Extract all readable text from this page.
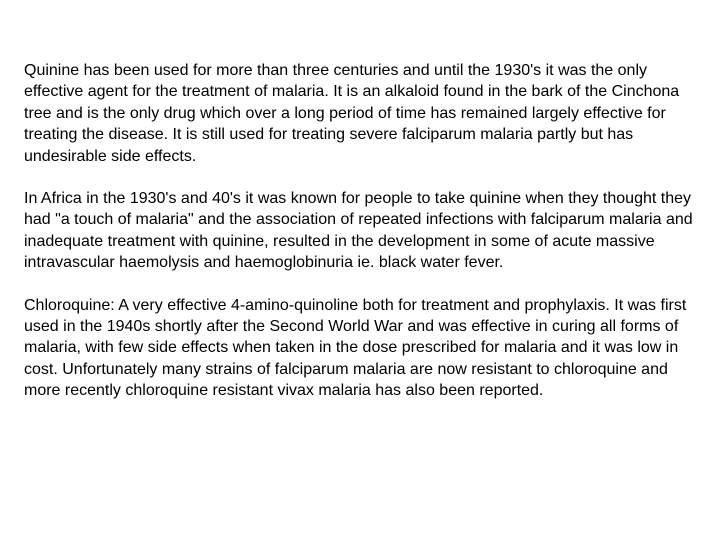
Quinine has been used for more than three centuries and until the 1930's it was the only effective agent for the treatment of malaria. It is an alkaloid found in the bark of the Cinchona tree and is the only drug which over a long period of time has remained largely effective for treating the disease. It is still used for treating severe falciparum malaria partly but has undesirable side effects.

In Africa in the 1930's and 40's it was known for people to take quinine when they thought they had "a touch of malaria" and the association of repeated infections with falciparum malaria and inadequate treatment with quinine, resulted in the development in some of acute massive intravascular haemolysis and haemoglobinuria ie. black water fever.

Chloroquine: A very effective 4-amino-quinoline both for treatment and prophylaxis. It was first used in the 1940s shortly after the Second World War and was effective in curing all forms of malaria, with few side effects when taken in the dose prescribed for malaria and it was low in cost. Unfortunately many strains of falciparum malaria are now resistant to chloroquine and more recently chloroquine resistant vivax malaria has also been reported.
